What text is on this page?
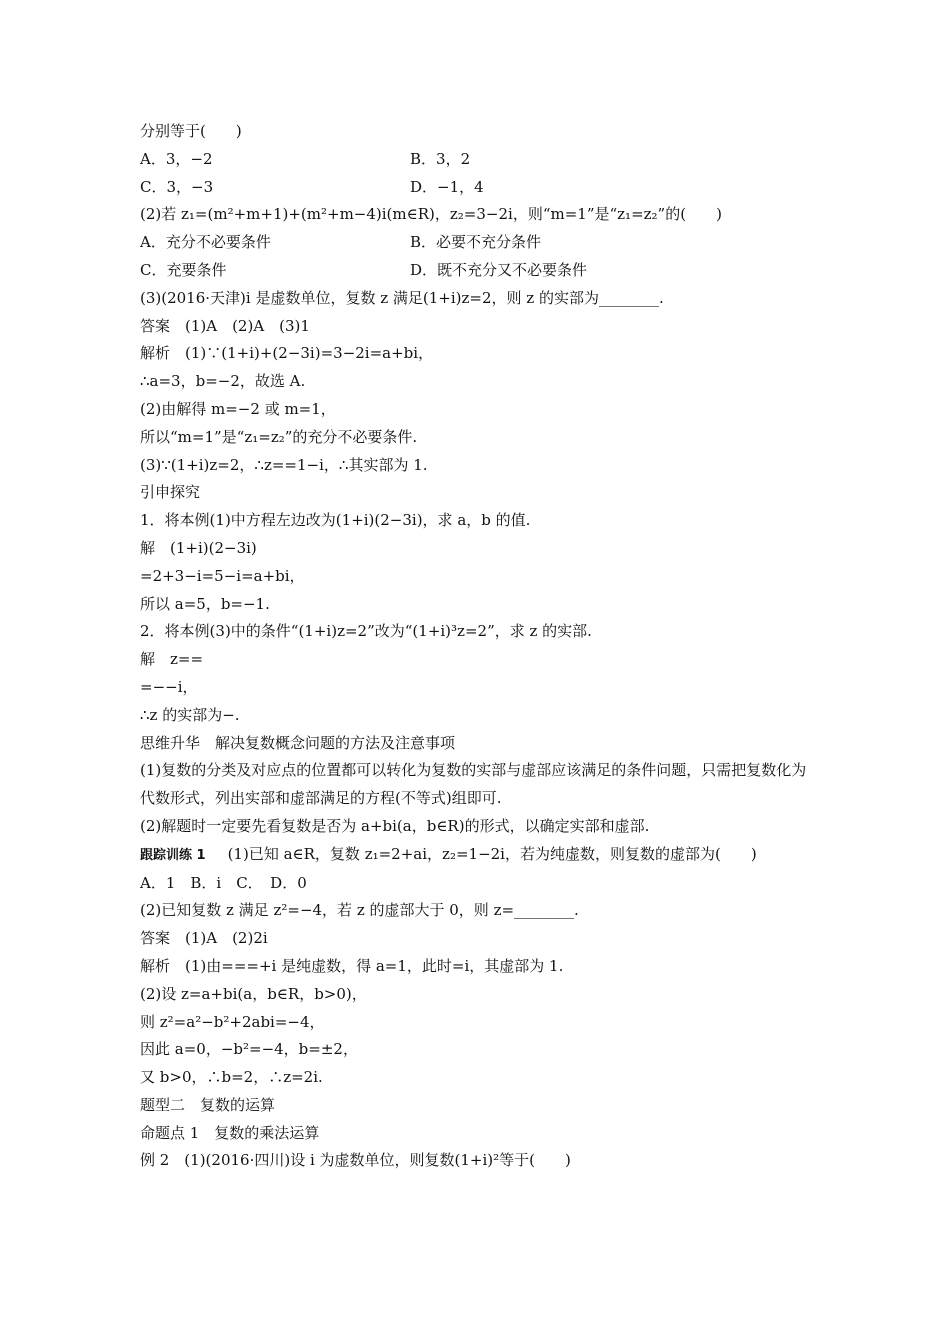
分别等于(　　)
A．3，−2	B．3，2
C．3，−3	D．−1，4
(2)若 z₁=(m²+m+1)+(m²+m−4)i(m∈R)，z₂=3−2i，则“m=1”是“z₁=z₂”的(　　)
A．充分不必要条件	B．必要不充分条件
C．充要条件	D．既不充分又不必要条件
(3)(2016·天津)i 是虚数单位，复数 z 满足(1+i)z=2，则 z 的实部为________.
答案　(1)A　(2)A　(3)1
解析　(1)∵(1+i)+(2−3i)=3−2i=a+bi，
∴a=3，b=−2，故选 A.
(2)由解得 m=−2 或 m=1，
所以“m=1”是“z₁=z₂”的充分不必要条件.
(3)∵(1+i)z=2，∴z==1−i，∴其实部为 1.
引申探究
1．将本例(1)中方程左边改为(1+i)(2−3i)，求 a，b 的值.
解　(1+i)(2−3i)
=2+3−i=5−i=a+bi，
所以 a=5，b=−1.
2．将本例(3)中的条件“(1+i)z=2”改为“(1+i)³z=2”，求 z 的实部.
解　z==
=−−i，
∴z 的实部为−.
思维升华　解决复数概念问题的方法及注意事项
(1)复数的分类及对应点的位置都可以转化为复数的实部与虚部应该满足的条件问题，只需把复数化为代数形式，列出实部和虚部满足的方程(不等式)组即可.
(2)解题时一定要先看复数是否为 a+bi(a，b∈R)的形式，以确定实部和虚部.
跟踪训练 1 (1)已知 a∈R，复数 z₁=2+ai，z₂=1−2i，若为纯虚数，则复数的虚部为(　　)
A．1　B．i　C．　D．0
(2)已知复数 z 满足 z²=−4，若 z 的虚部大于 0，则 z=________.
答案　(1)A　(2)2i
解析　(1)由===+i 是纯虚数，得 a=1，此时=i，其虚部为 1.
(2)设 z=a+bi(a，b∈R，b>0)，
则 z²=a²−b²+2abi=−4，
因此 a=0，−b²=−4，b=±2，
又 b>0，∴b=2，∴z=2i.
题型二　复数的运算
命题点 1　复数的乘法运算
例 2　(1)(2016·四川)设 i 为虚数单位，则复数(1+i)²等于(　　)
